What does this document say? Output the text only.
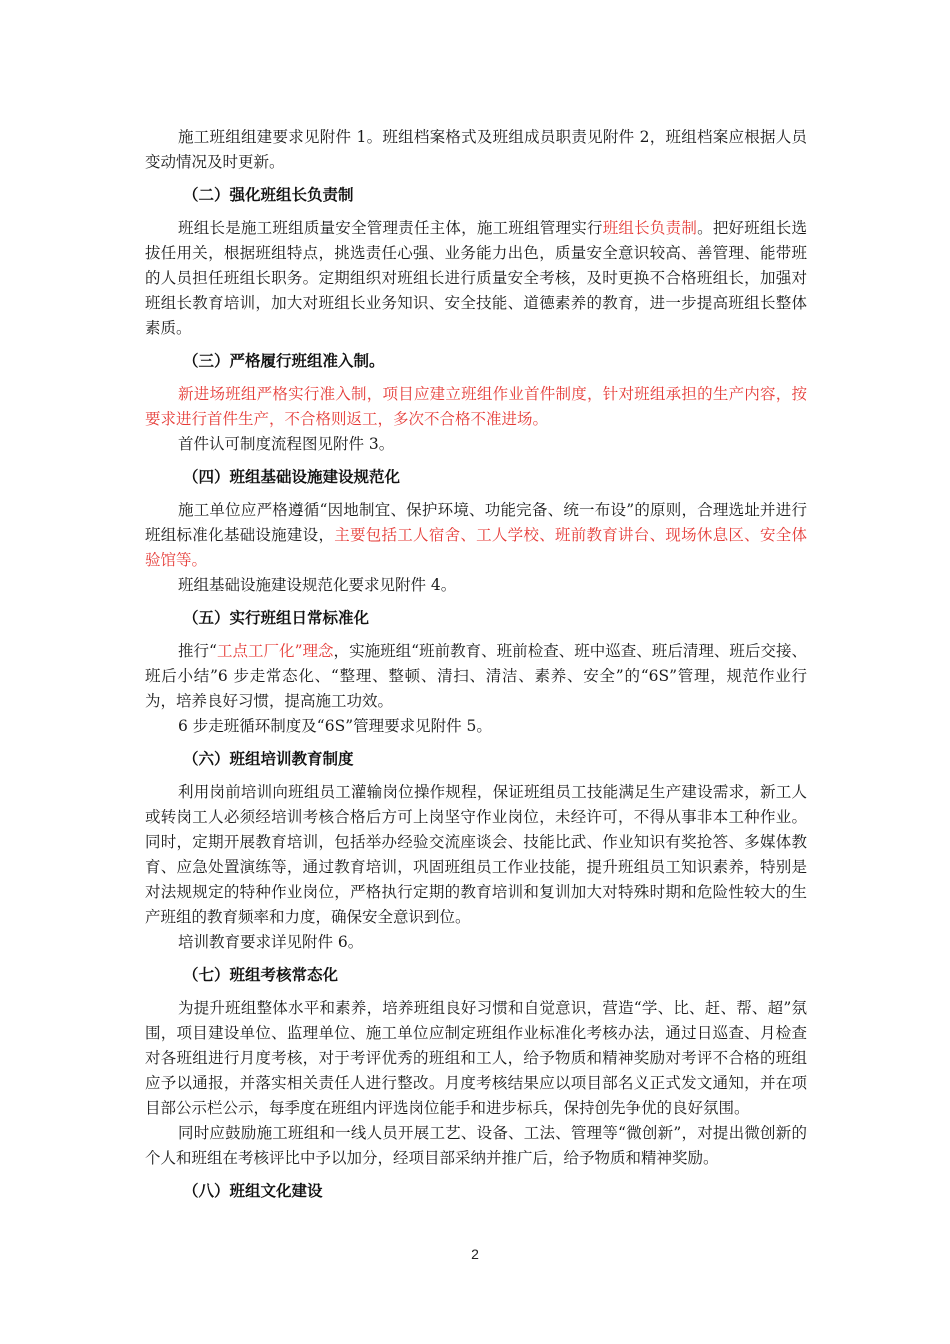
施工班组组建要求见附件 1。班组档案格式及班组成员职责见附件 2，班组档案应根据人员变动情况及时更新。

（二）强化班组长负责制

班组长是施工班组质量安全管理责任主体，施工班组管理实行班组长负责制。把好班组长选拔任用关，根据班组特点，挑选责任心强、业务能力出色，质量安全意识较高、善管理、能带班的人员担任班组长职务。定期组织对班组长进行质量安全考核，及时更换不合格班组长，加强对班组长教育培训，加大对班组长业务知识、安全技能、道德素养的教育，进一步提高班组长整体素质。

（三）严格履行班组准入制。

新进场班组严格实行准入制，项目应建立班组作业首件制度，针对班组承担的生产内容，按要求进行首件生产，不合格则返工，多次不合格不准进场。

首件认可制度流程图见附件 3。

（四）班组基础设施建设规范化

施工单位应严格遵循“因地制宜、保护环境、功能完备、统一布设”的原则，合理选址并进行班组标准化基础设施建设，主要包括工人宿舍、工人学校、班前教育讲台、现场休息区、安全体验馆等。

班组基础设施建设规范化要求见附件 4。

（五）实行班组日常标准化

推行“工点工厂化”理念，实施班组“班前教育、班前检查、班中巡查、班后清理、班后交接、班后小结”6 步走常态化、“整理、整顿、清扫、清洁、素养、安全”的“6S”管理，规范作业行为，培养良好习惯，提高施工功效。

6 步走班循环制度及“6S”管理要求见附件 5。

（六）班组培训教育制度

利用岗前培训向班组员工灌输岗位操作规程，保证班组员工技能满足生产建设需求，新工人或转岗工人必须经培训考核合格后方可上岗坚守作业岗位，未经许可，不得从事非本工种作业。同时，定期开展教育培训，包括举办经验交流座谈会、技能比武、作业知识有奖抢答、多媒体教育、应急处置演练等，通过教育培训，巩固班组员工作业技能，提升班组员工知识素养，特别是对法规规定的特种作业岗位，严格执行定期的教育培训和复训加大对特殊时期和危险性较大的生产班组的教育频率和力度，确保安全意识到位。

培训教育要求详见附件 6。

（七）班组考核常态化

为提升班组整体水平和素养，培养班组良好习惯和自觉意识，营造“学、比、赶、帮、超”氛围，项目建设单位、监理单位、施工单位应制定班组作业标准化考核办法，通过日巡查、月检查对各班组进行月度考核，对于考评优秀的班组和工人，给予物质和精神奖励对考评不合格的班组应予以通报，并落实相关责任人进行整改。月度考核结果应以项目部名义正式发文通知，并在项目部公示栏公示，每季度在班组内评选岗位能手和进步标兵，保持创先争优的良好氛围。

同时应鼓励施工班组和一线人员开展工艺、设备、工法、管理等“微创新”，对提出微创新的个人和班组在考核评比中予以加分，经项目部采纳并推广后，给予物质和精神奖励。

（八）班组文化建设
2
